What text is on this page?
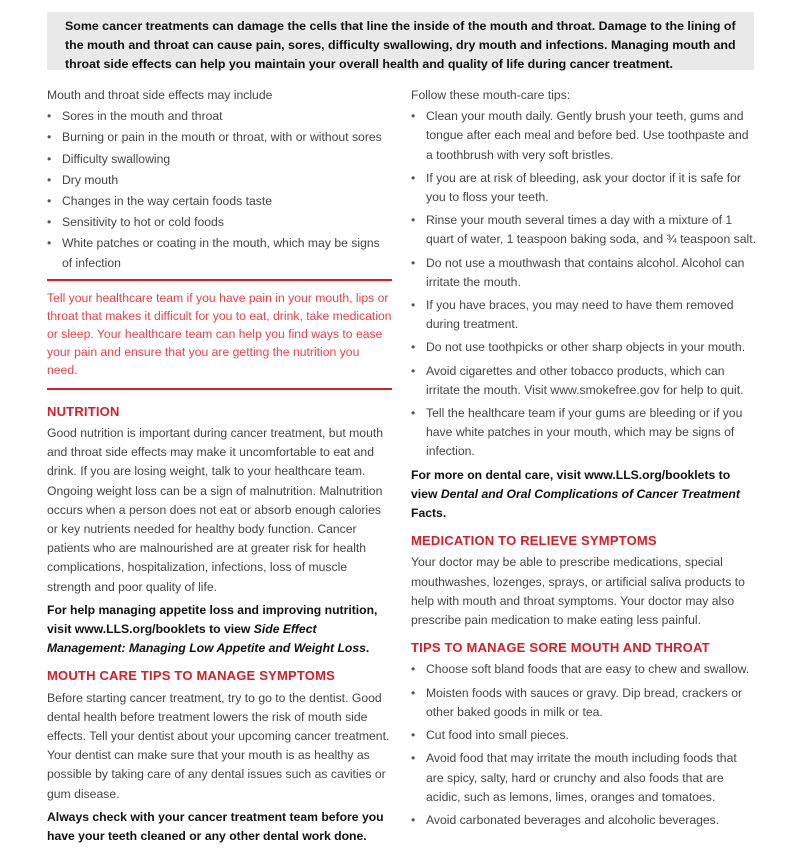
Some cancer treatments can damage the cells that line the inside of the mouth and throat. Damage to the lining of the mouth and throat can cause pain, sores, difficulty swallowing, dry mouth and infections. Managing mouth and throat side effects can help you maintain your overall health and quality of life during cancer treatment.

Mouth and throat side effects may include

• Sores in the mouth and throat
• Burning or pain in the mouth or throat, with or without sores
• Difficulty swallowing
• Dry mouth
• Changes in the way certain foods taste
• Sensitivity to hot or cold foods
• White patches or coating in the mouth, which may be signs of infection
Tell your healthcare team if you have pain in your mouth, lips or throat that makes it difficult for you to eat, drink, take medication or sleep. Your healthcare team can help you find ways to ease your pain and ensure that you are getting the nutrition you need.
NUTRITION

Good nutrition is important during cancer treatment, but mouth and throat side effects may make it uncomfortable to eat and drink. If you are losing weight, talk to your healthcare team. Ongoing weight loss can be a sign of malnutrition. Malnutrition occurs when a person does not eat or absorb enough calories or key nutrients needed for healthy body function. Cancer patients who are malnourished are at greater risk for health complications, hospitalization, infections, loss of muscle strength and poor quality of life.

For help managing appetite loss and improving nutrition, visit www.LLS.org/booklets to view Side Effect Management: Managing Low Appetite and Weight Loss.

MOUTH CARE TIPS TO MANAGE SYMPTOMS

Before starting cancer treatment, try to go to the dentist. Good dental health before treatment lowers the risk of mouth side effects. Tell your dentist about your upcoming cancer treatment. Your dentist can make sure that your mouth is as healthy as possible by taking care of any dental issues such as cavities or gum disease.

Always check with your cancer treatment team before you have your teeth cleaned or any other dental work done.

Follow these mouth-care tips:

• Clean your mouth daily. Gently brush your teeth, gums and tongue after each meal and before bed. Use toothpaste and a toothbrush with very soft bristles.
• If you are at risk of bleeding, ask your doctor if it is safe for you to floss your teeth.
• Rinse your mouth several times a day with a mixture of 1 quart of water, 1 teaspoon baking soda, and ¾ teaspoon salt.
• Do not use a mouthwash that contains alcohol. Alcohol can irritate the mouth.
• If you have braces, you may need to have them removed during treatment.
• Do not use toothpicks or other sharp objects in your mouth.
• Avoid cigarettes and other tobacco products, which can irritate the mouth. Visit www.smokefree.gov for help to quit.
• Tell the healthcare team if your gums are bleeding or if you have white patches in your mouth, which may be signs of infection.

For more on dental care, visit www.LLS.org/booklets to view Dental and Oral Complications of Cancer Treatment Facts.

MEDICATION TO RELIEVE SYMPTOMS

Your doctor may be able to prescribe medications, special mouthwashes, lozenges, sprays, or artificial saliva products to help with mouth and throat symptoms. Your doctor may also prescribe pain medication to make eating less painful.

TIPS TO MANAGE SORE MOUTH AND THROAT
• Choose soft bland foods that are easy to chew and swallow.
• Moisten foods with sauces or gravy. Dip bread, crackers or other baked goods in milk or tea.
• Cut food into small pieces.
• Avoid food that may irritate the mouth including foods that are spicy, salty, hard or crunchy and also foods that are acidic, such as lemons, limes, oranges and tomatoes.
• Avoid carbonated beverages and alcoholic beverages.
